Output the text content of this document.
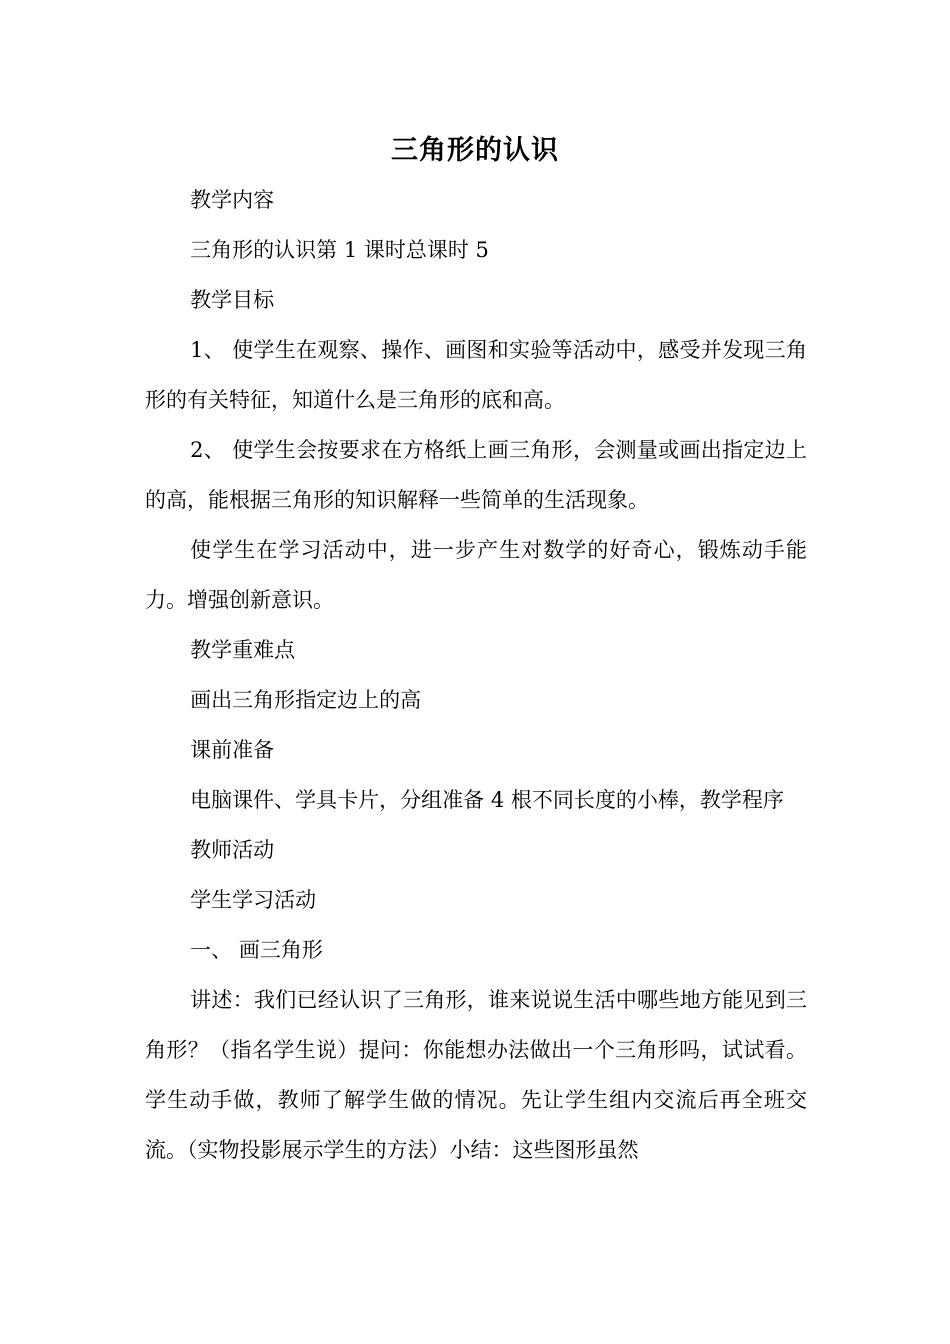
三角形的认识

教学内容

三角形的认识第 1 课时总课时 5

教学目标

1、 使学生在观察、操作、画图和实验等活动中，感受并发现三角形的有关特征，知道什么是三角形的底和高。

2、 使学生会按要求在方格纸上画三角形，会测量或画出指定边上的高，能根据三角形的知识解释一些简单的生活现象。

使学生在学习活动中，进一步产生对数学的好奇心，锻炼动手能力。增强创新意识。

教学重难点

画出三角形指定边上的高

课前准备

电脑课件、学具卡片，分组准备 4 根不同长度的小棒，教学程序

教师活动

学生学习活动

一、 画三角形

讲述：我们已经认识了三角形，谁来说说生活中哪些地方能见到三角形？（指名学生说）提问：你能想办法做出一个三角形吗，试试看。学生动手做，教师了解学生做的情况。先让学生组内交流后再全班交流。（实物投影展示学生的方法）小结：这些图形虽然
